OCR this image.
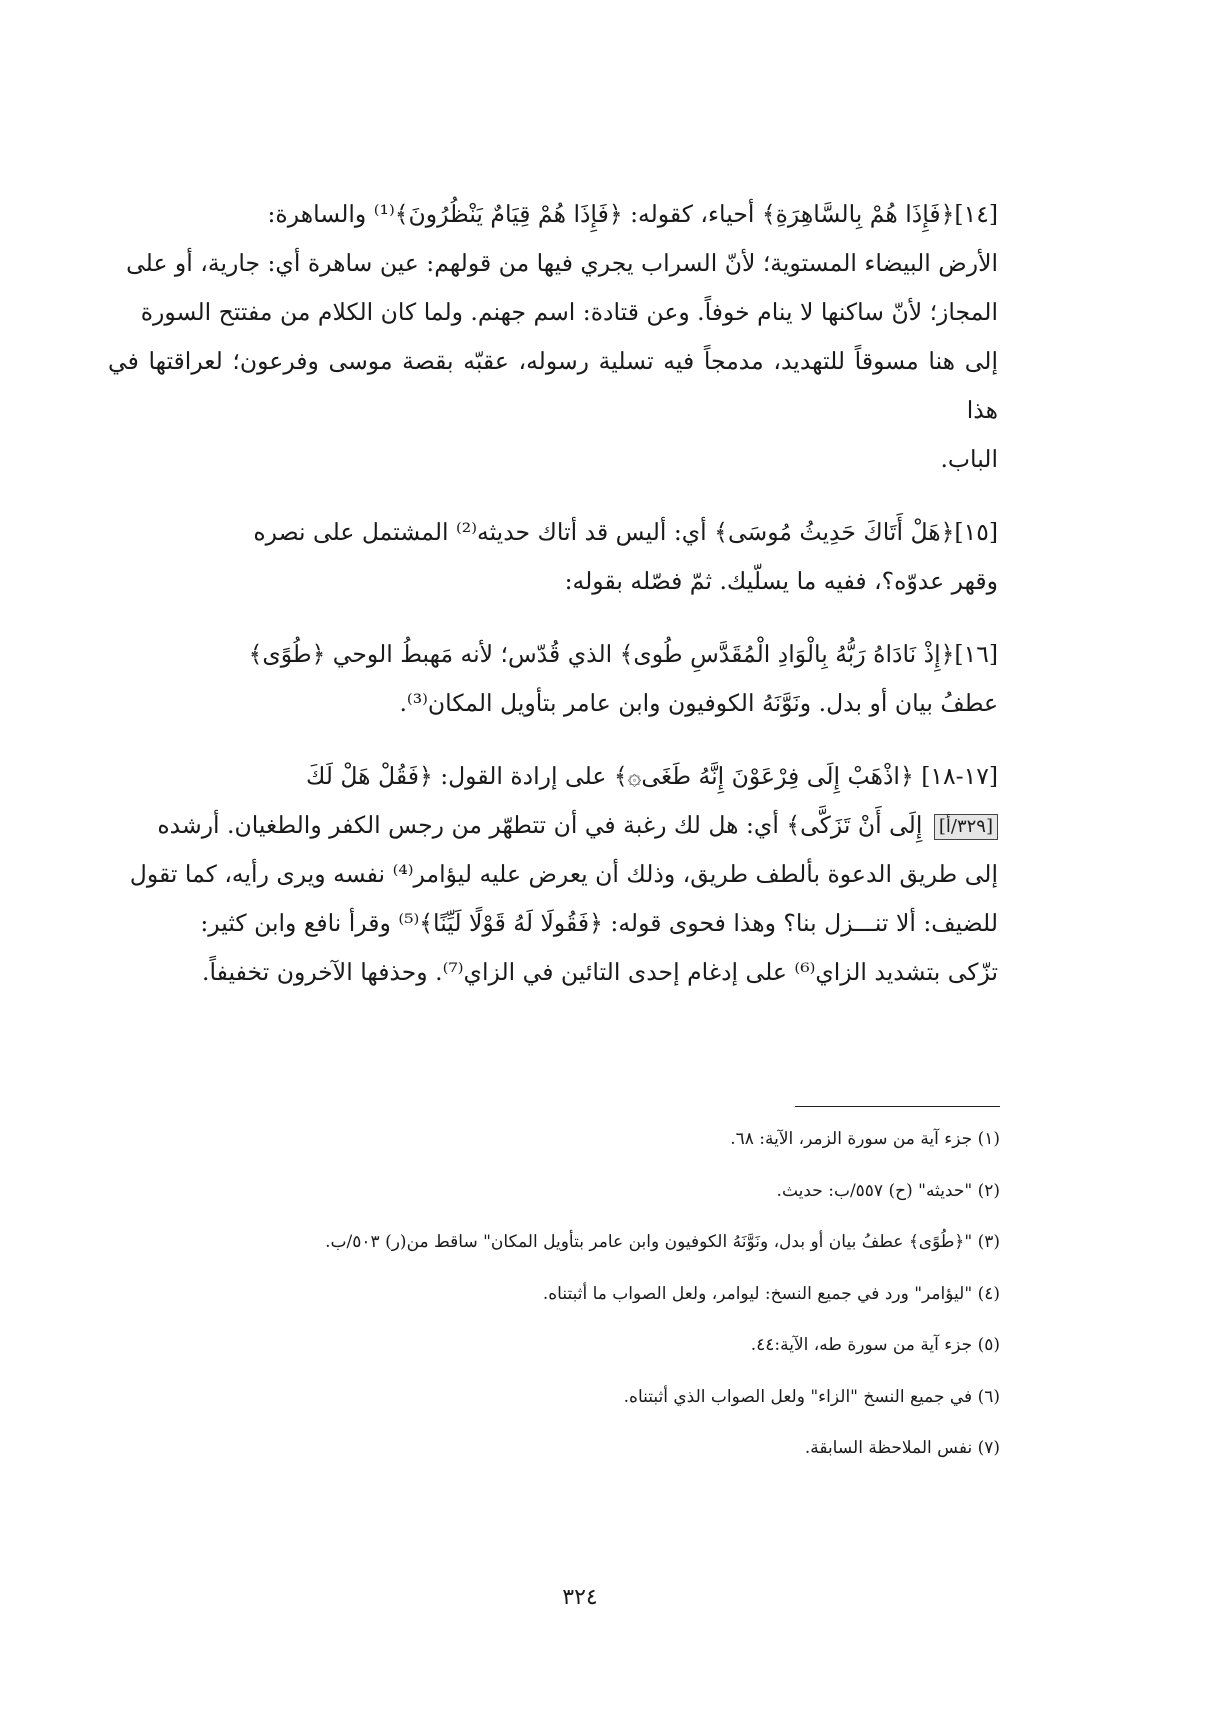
[١٤]﴿فَإِذَا هُمْ بِالسَّاهِرَةِ﴾ أحياء، كقوله: ﴿فَإِذَا هُمْ قِيَامٌ يَنْظُرُونَ﴾⁽¹⁾ والساهرة:
الأرض البيضاء المستوية؛ لأنّ السراب يجري فيها من قولهم: عين ساهرة أي: جارية، أو على
المجاز؛ لأنّ ساكنها لا ينام خوفاً. وعن قتادة: اسم جهنم. ولما كان الكلام من مفتتح السورة
إلى هنا مسوقاً للتهديد، مدمجاً فيه تسلية رسوله، عقبّه بقصة موسى وفرعون؛ لعراقتها في هذا
الباب.

[١٥]﴿هَلْ أَتَاكَ حَدِيثُ مُوسَى﴾ أي: أليس قد أتاك حديثه⁽²⁾ المشتمل على نصره
وقهر عدوّه؟، ففيه ما يسلّيك. ثمّ فصّله بقوله:

[١٦]﴿إِذْ نَادَاهُ رَبُّهُ بِالْوَادِ الْمُقَدَّسِ طُوى﴾ الذي قُدّس؛ لأنه مَهبطُ الوحي ﴿طُوًى﴾
عطفُ بيان أو بدل. ونَوَّنَهُ الكوفيون وابن عامر بتأويل المكان⁽³⁾.

[١٧-١٨] ﴿اذْهَبْ إِلَى فِرْعَوْنَ إِنَّهُ طَغَى۞﴾ على إرادة القول: ﴿فَقُلْ هَلْ لَكَ
[٣٢٩/أ] إِلَى أَنْ تَزَكَّى﴾ أي: هل لك رغبة في أن تتطهّر من رجس الكفر والطغيان. أرشده
إلى طريق الدعوة بألطف طريق، وذلك أن يعرض عليه ليؤامر⁽⁴⁾ نفسه ويرى رأيه، كما تقول
للضيف: ألا تنـــزل بنا؟ وهذا فحوى قوله: ﴿فَقُولَا لَهُ قَوْلًا لَيِّنًا﴾⁽⁵⁾ وقرأ نافع وابن كثير:
تزّكى بتشديد الزاي⁽⁶⁾ على إدغام إحدى التائين في الزاي⁽⁷⁾. وحذفها الآخرون تخفيفاً.

(١) جزء آية من سورة الزمر، الآية: ٦٨.

(٢) "حديثه" (ح) ٥٥٧/ب: حديث.

(٣) "﴿طُوًى﴾ عطفُ بيان أو بدل، ونَوَّنَهُ الكوفيون وابن عامر بتأويل المكان" ساقط من(ر) ٥٠٣/ب.

(٤) "ليؤامر" ورد في جميع النسخ: ليوامر، ولعل الصواب ما أثبتناه.

(٥) جزء آية من سورة طه، الآية:٤٤.

(٦) في جميع النسخ "الزاء" ولعل الصواب الذي أثبتناه.

(٧) نفس الملاحظة السابقة.

٣٢٤
